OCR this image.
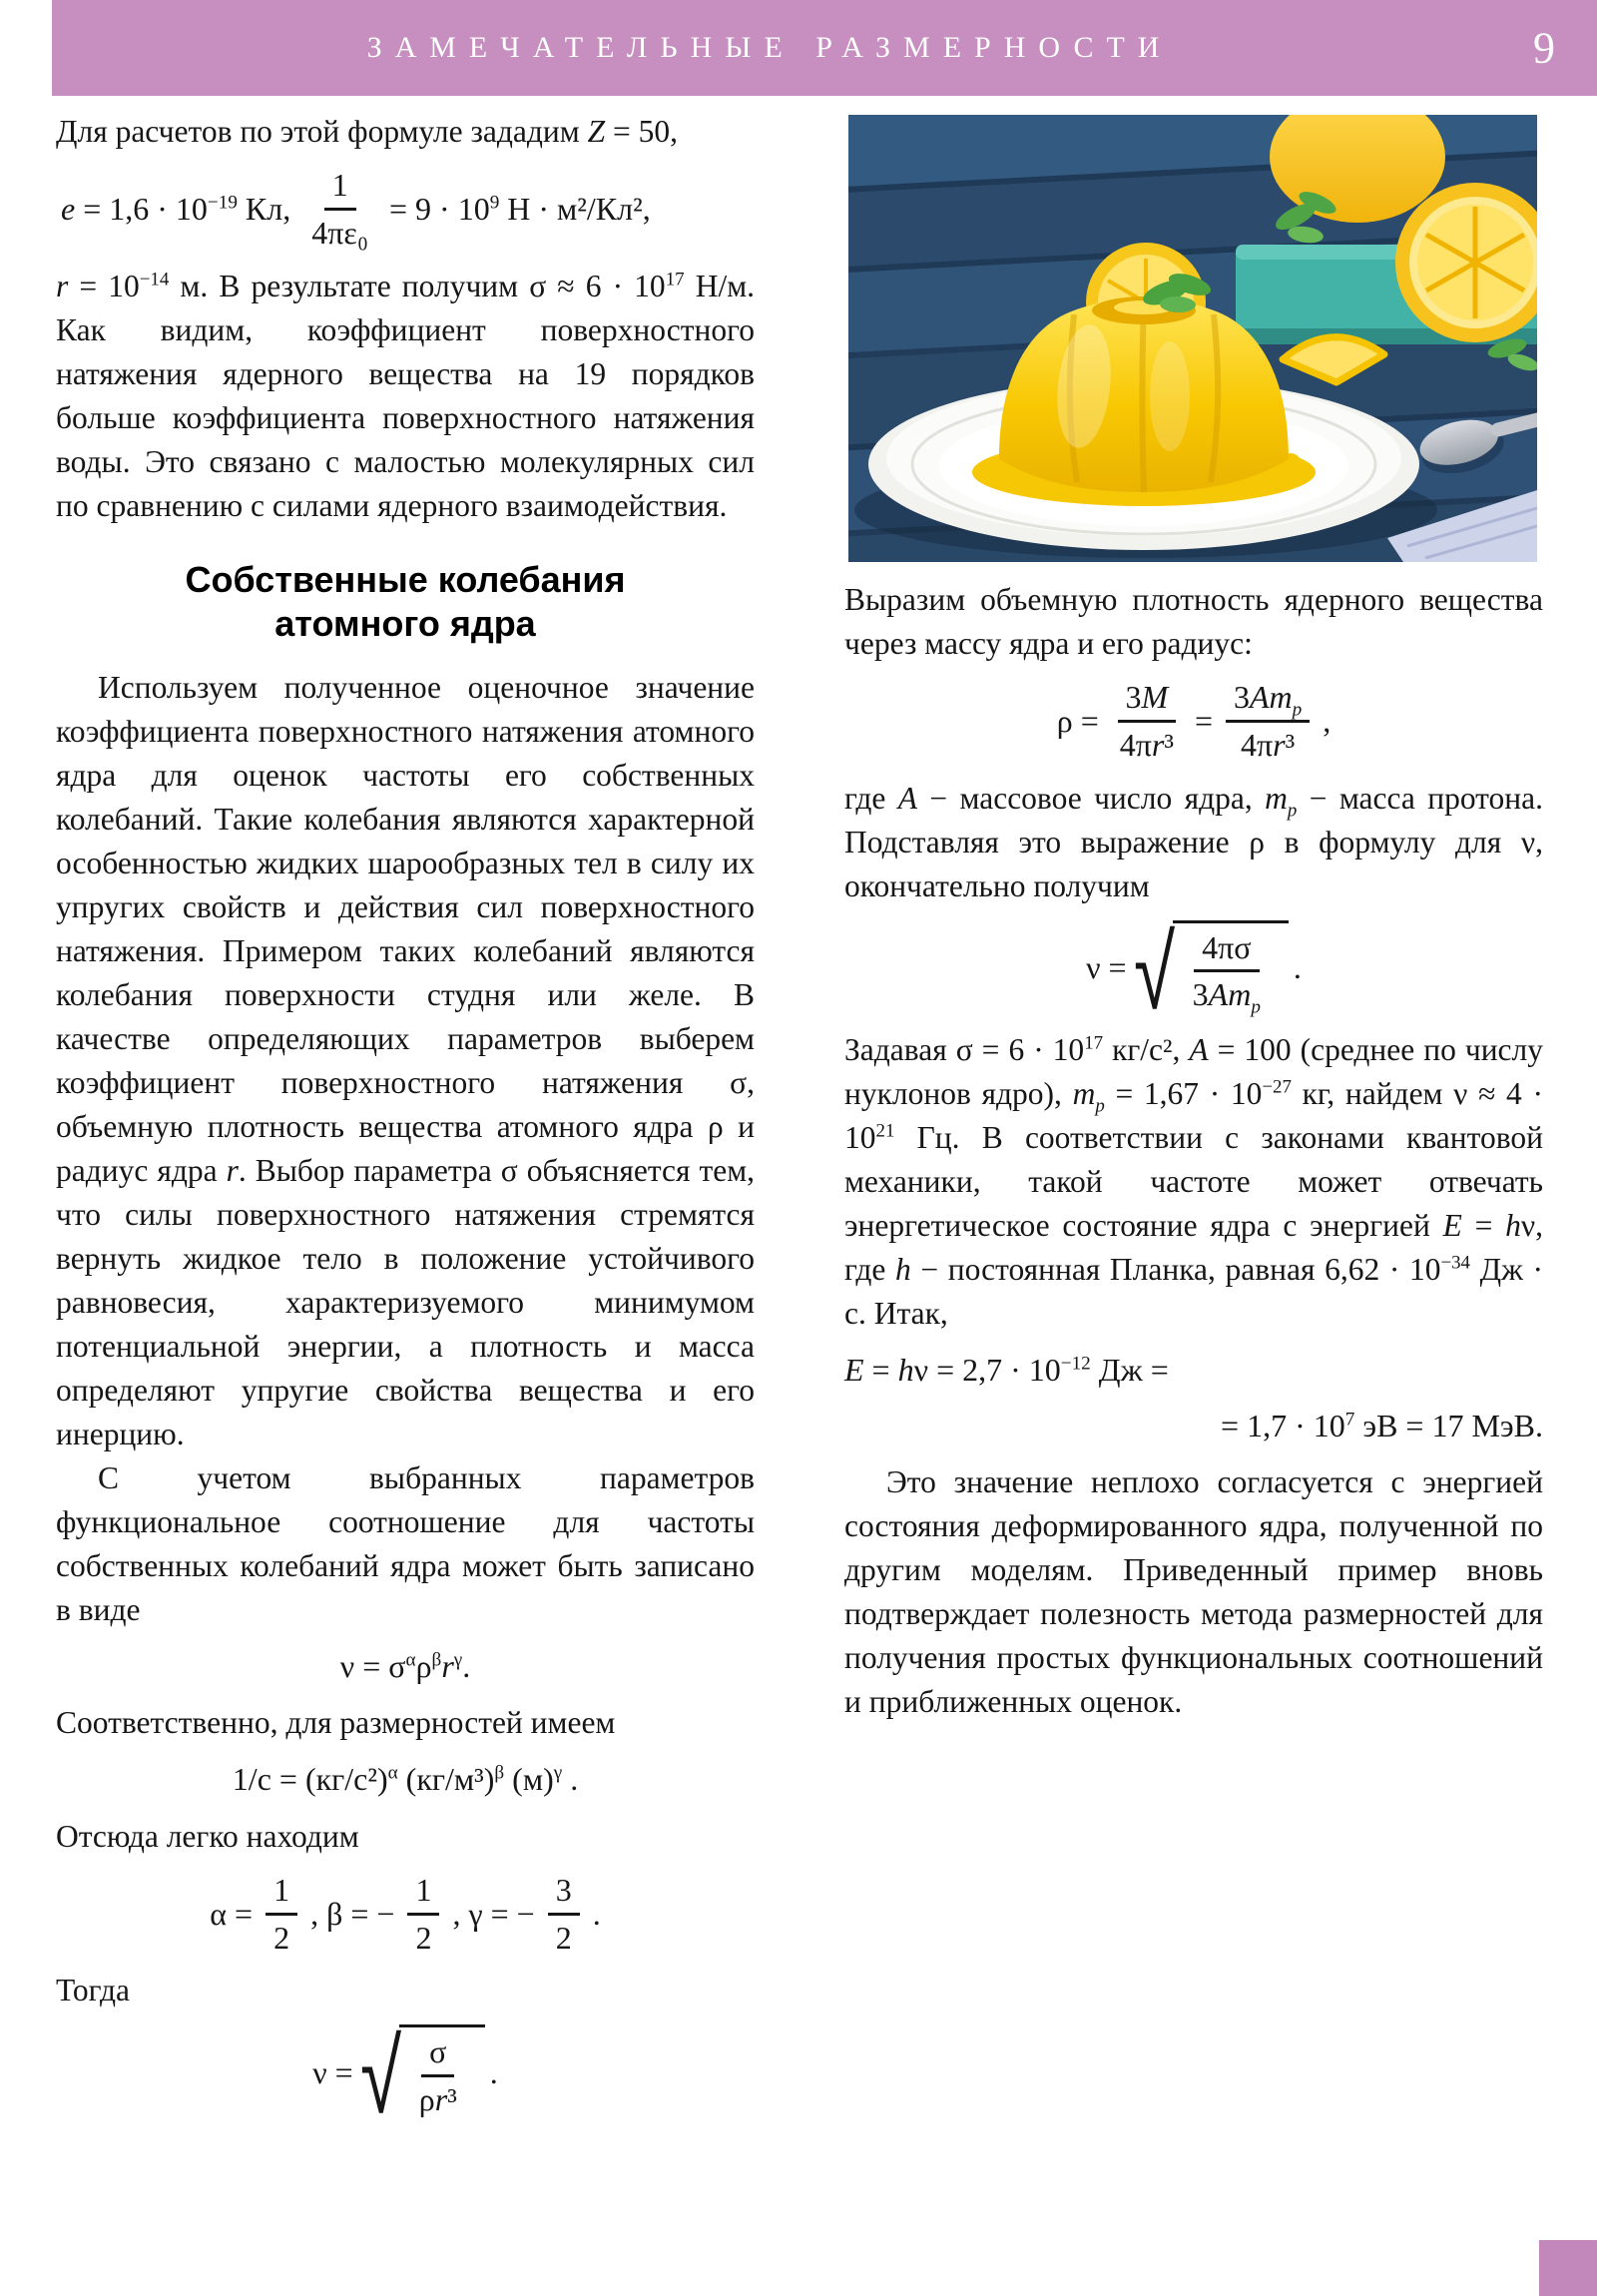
ЗАМЕЧАТЕЛЬНЫЕ РАЗМЕРНОСТИ	9

Для расчетов по этой формуле зададим Z = 50,

$e = 1,6 \cdot 10^{-19}$ Кл, $\frac{1}{\text{4πε₀}} = 9 \cdot 10^9$ Н · м²/Кл²,

$r = 10^{-14}$ м. В результате получим $\sigma \approx 6 \cdot 10^{17}$ Н/м. Как видим, коэффициент поверхностного натяжения ядерного вещества на 19 порядков больше коэффициента поверхностного натяжения воды. Это связано с малостью молекулярных сил по сравнению с силами ядерного взаимодействия.

Собственные колебания
атомного ядра

Используем полученное оценочное значение коэффициента поверхностного натяжения атомного ядра для оценок частоты его собственных колебаний. Такие колебания являются характерной особенностью жидких шарообразных тел в силу их упругих свойств и действия сил поверхностного натяжения. Примером таких колебаний являются колебания поверхности студня или желе. В качестве определяющих параметров выберем коэффициент поверхностного натяжения σ, объемную плотность вещества атомного ядра ρ и радиус ядра r. Выбор параметра σ объясняется тем, что силы поверхностного натяжения стремятся вернуть жидкое тело в положение устойчивого равновесия, характеризуемого минимумом потенциальной энергии, а плотность и масса определяют упругие свойства вещества и его инерцию.

С учетом выбранных параметров функциональное соотношение для частоты собственных колебаний ядра может быть записано в виде

$\nu = \sigma^\alpha\rho^\beta r^\gamma$.

Соответственно, для размерностей имеем

$1/с = (кг/с^2)^\alpha$ $(кг/м^3)^\beta$ $(м)^\gamma$ .

Отсюда легко находим

$\alpha = \frac{1}{2}$ , β = − $\frac{1}{2}$ , γ = − $\frac{3}{2}$ .

Тогда

ν = √ $\frac{\sigma}{\text{ρr³}}$ .

Выразим объемную плотность ядерного вещества через массу ядра и его радиус:

$\rho = \frac{3M}{\text{4πr³}} = \frac{3Am_p}{\text{4πr³}}$ ,

где A − массовое число ядра, $m_p$ − масса протона. Подставляя это выражение ρ в формулу для ν, окончательно получим

ν = √ $\frac{4\pi\sigma}{3Am_p}$ .

Задавая $\sigma = 6 \cdot 10^{17}$ кг/с², A = 100 (среднее по числу нуклонов ядро), $m_p = 1,67 \cdot 10^{-27}$ кг, найдем $\nu \approx 4 \cdot 10^{21}$ Гц. В соответствии с законами квантовой механики, такой частоте может отвечать энергетическое состояние ядра с энергией E = hν, где h − постоянная Планка, равная $6,62 \cdot 10^{-34}$ Дж · с. Итак,

$E = h\nu = 2,7 \cdot 10^{-12}$ Дж =
= $1,7 \cdot 10^7$ эВ = 17 МэВ.

Это значение неплохо согласуется с энергией состояния деформированного ядра, полученной по другим моделям. Приведенный пример вновь подтверждает полезность метода размерностей для получения простых функциональных соотношений и приближенных оценок.
